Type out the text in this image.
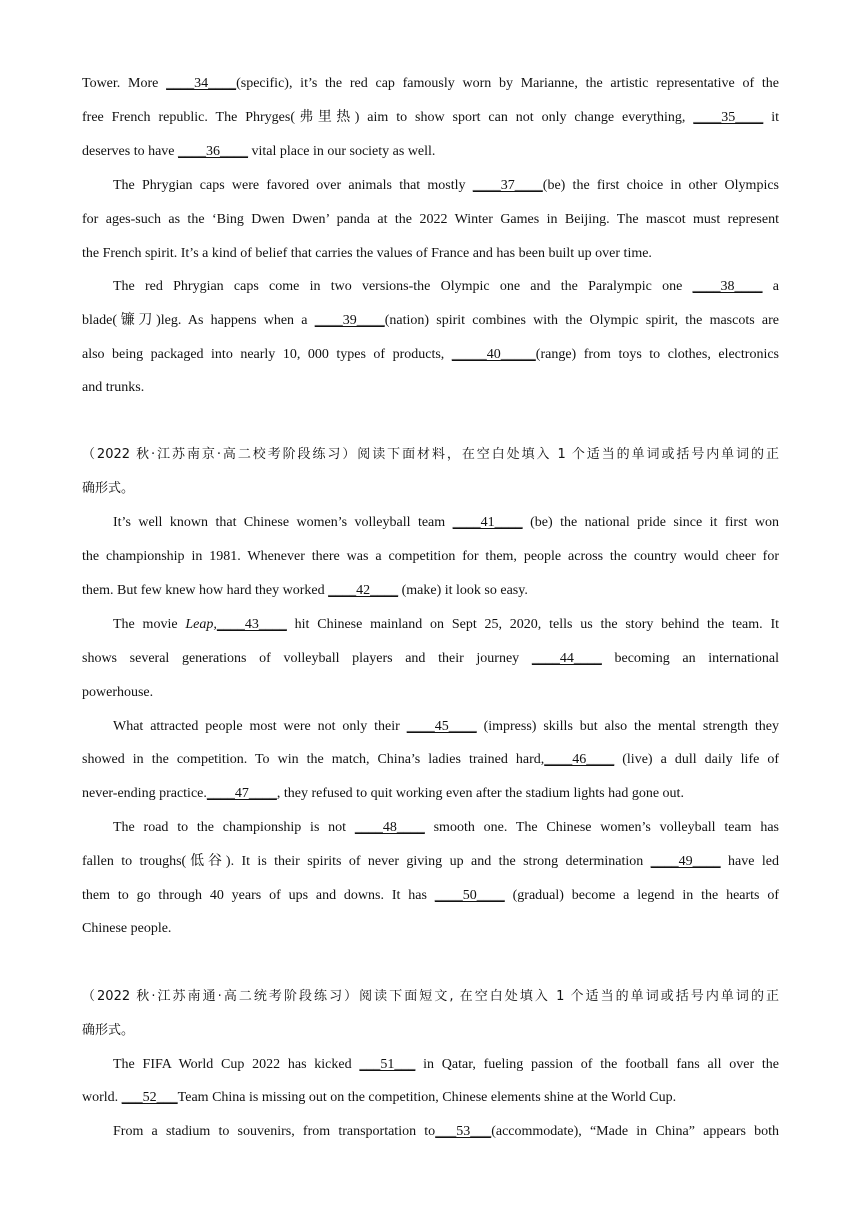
Tower. More ____34____(specific), it’s the red cap famously worn by Marianne, the artistic representative of the
free French republic. The Phryges(弗里热) aim to show sport can not only change everything, ____35____ it
deserves to have ____36____ vital place in our society as well.
The Phrygian caps were favored over animals that mostly ____37____(be) the first choice in other Olympics
for ages-such as the ‘Bing Dwen Dwen’ panda at the 2022 Winter Games in Beijing. The mascot must represent
the French spirit. It’s a kind of belief that carries the values of France and has been built up over time.
The red Phrygian caps come in two versions-the Olympic one and the Paralympic one ____38____ a
blade(镰刀)leg. As happens when a ____39____(nation) spirit combines with the Olympic spirit, the mascots are
also being packaged into nearly 10, 000 types of products, _____40_____(range) from toys to clothes, electronics
and trunks.
（2022 秋·江苏南京·高二校考阶段练习）阅读下面材料，在空白处填入 1 个适当的单词或括号内单词的正
确形式。
It’s well known that Chinese women’s volleyball team ____41____ (be) the national pride since it first won
the championship in 1981. Whenever there was a competition for them, people across the country would cheer for
them. But few knew how hard they worked ____42____ (make) it look so easy.
The movie Leap,____43____ hit Chinese mainland on Sept 25, 2020, tells us the story behind the team. It
shows several generations of volleyball players and their journey ____44____ becoming an international
powerhouse.
What attracted people most were not only their ____45____ (impress) skills but also the mental strength they
showed in the competition. To win the match, China’s ladies trained hard,____46____ (live) a dull daily life of
never-ending practice.____47____, they refused to quit working even after the stadium lights had gone out.
The road to the championship is not ____48____ smooth one. The Chinese women’s volleyball team has
fallen to troughs(低谷). It is their spirits of never giving up and the strong determination ____49____ have led
them to go through 40 years of ups and downs. It has ____50____ (gradual) become a legend in the hearts of
Chinese people.
（2022 秋·江苏南通·高二统考阶段练习）阅读下面短文, 在空白处填入 1 个适当的单词或括号内单词的正
确形式。
The FIFA World Cup 2022 has kicked ___51___ in Qatar, fueling passion of the football fans all over the
world. ___52___Team China is missing out on the competition, Chinese elements shine at the World Cup.
From a stadium to souvenirs, from transportation to___53___(accommodate), “Made in China” appears both
